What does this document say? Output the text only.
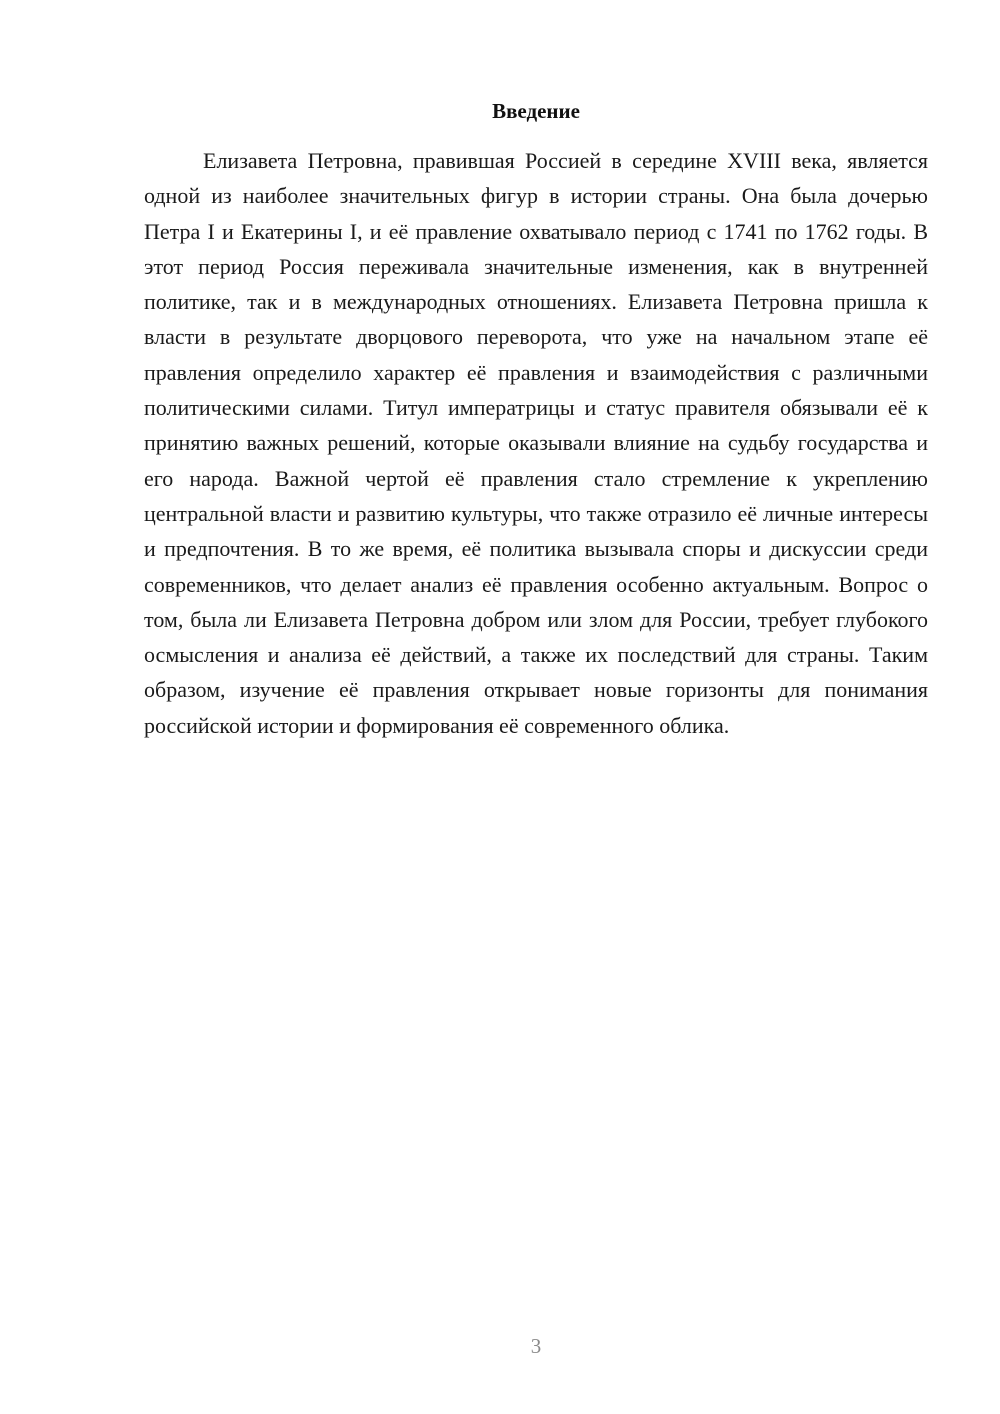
Введение

Елизавета Петровна, правившая Россией в середине XVIII века, является одной из наиболее значительных фигур в истории страны. Она была дочерью Петра I и Екатерины I, и её правление охватывало период с 1741 по 1762 годы. В этот период Россия переживала значительные изменения, как в внутренней политике, так и в международных отношениях. Елизавета Петровна пришла к власти в результате дворцового переворота, что уже на начальном этапе её правления определило характер её правления и взаимодействия с различными политическими силами. Титул императрицы и статус правителя обязывали её к принятию важных решений, которые оказывали влияние на судьбу государства и его народа. Важной чертой её правления стало стремление к укреплению центральной власти и развитию культуры, что также отразило её личные интересы и предпочтения. В то же время, её политика вызывала споры и дискуссии среди современников, что делает анализ её правления особенно актуальным. Вопрос о том, была ли Елизавета Петровна добром или злом для России, требует глубокого осмысления и анализа её действий, а также их последствий для страны. Таким образом, изучение её правления открывает новые горизонты для понимания российской истории и формирования её современного облика.

3
